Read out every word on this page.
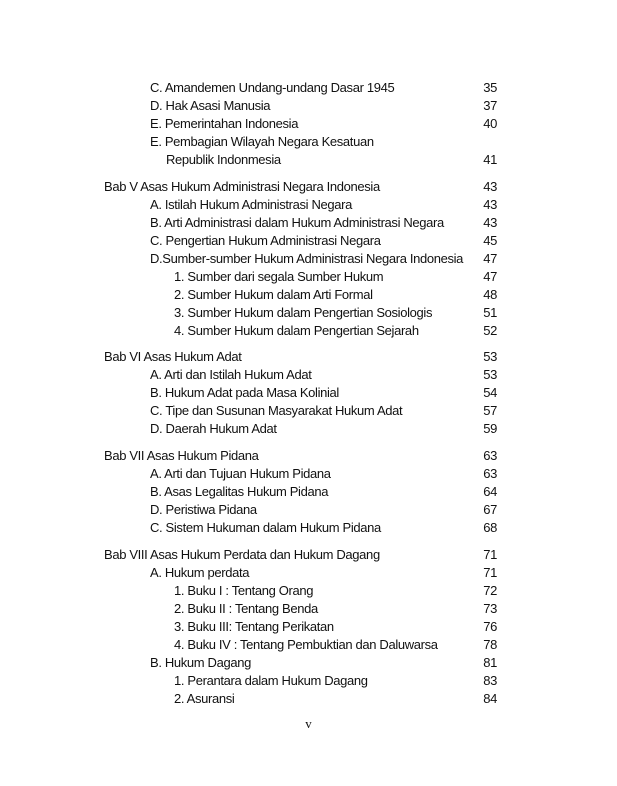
C. Amandemen Undang-undang Dasar 1945	35
D. Hak Asasi Manusia	37
E. Pemerintahan Indonesia	40
E. Pembagian Wilayah Negara Kesatuan
Republik Indonmesia	41
Bab V Asas Hukum Administrasi Negara Indonesia	43
A. Istilah Hukum Administrasi Negara	43
B. Arti Administrasi dalam Hukum Administrasi Negara	43
C. Pengertian Hukum Administrasi Negara	45
D.Sumber-sumber Hukum Administrasi Negara Indonesia	47
1. Sumber dari segala Sumber Hukum	47
2. Sumber Hukum dalam Arti Formal	48
3. Sumber Hukum dalam Pengertian Sosiologis	51
4. Sumber Hukum dalam Pengertian Sejarah	52
Bab VI Asas Hukum Adat	53
A. Arti dan Istilah Hukum Adat	53
B. Hukum Adat pada Masa Kolinial	54
C. Tipe dan Susunan Masyarakat Hukum Adat	57
D. Daerah Hukum Adat	59
Bab VII Asas Hukum Pidana	63
A. Arti dan Tujuan Hukum Pidana	63
B. Asas Legalitas Hukum Pidana	64
D. Peristiwa Pidana	67
C. Sistem Hukuman dalam Hukum Pidana	68
Bab VIII Asas Hukum Perdata dan Hukum Dagang	71
A. Hukum perdata	71
1. Buku I : Tentang Orang	72
2. Buku II : Tentang Benda	73
3. Buku III: Tentang Perikatan	76
4. Buku IV : Tentang Pembuktian dan Daluwarsa	78
B. Hukum Dagang	81
1. Perantara dalam Hukum Dagang	83
2. Asuransi	84
v
